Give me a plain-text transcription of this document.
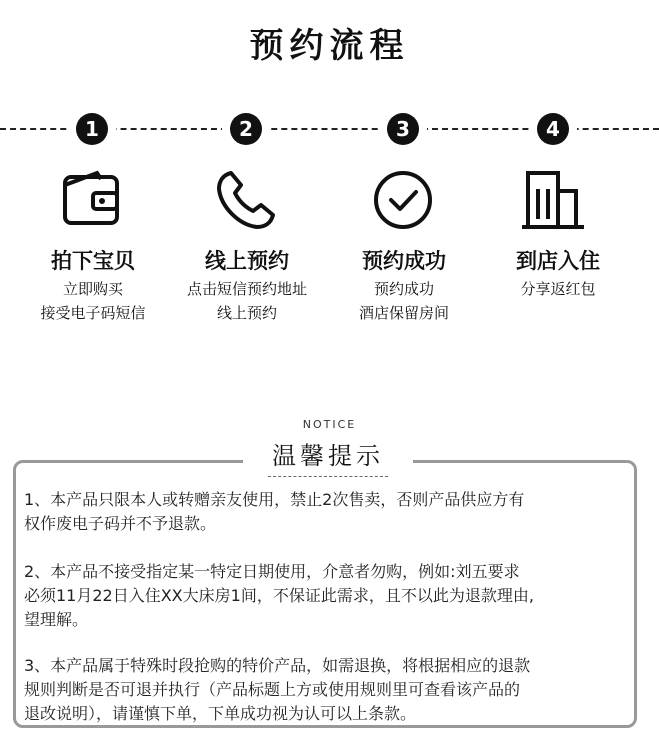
预约流程
1
拍下宝贝
立即购买
接受电子码短信
2
线上预约
点击短信预约地址
线上预约
3
预约成功
预约成功
酒店保留房间
4
到店入住
分享返红包
NOTICE
温馨提示
1、本产品只限本人或转赠亲友使用，禁止2次售卖，否则产品供应方有
权作废电子码并不予退款。
2、本产品不接受指定某一特定日期使用，介意者勿购，例如:刘五要求
必须11月22日入住XX大床房1间，不保证此需求，且不以此为退款理由,
望理解。
3、本产品属于特殊时段抢购的特价产品，如需退换，将根据相应的退款
规则判断是否可退并执行（产品标题上方或使用规则里可查看该产品的
退改说明），请谨慎下单，下单成功视为认可以上条款。
